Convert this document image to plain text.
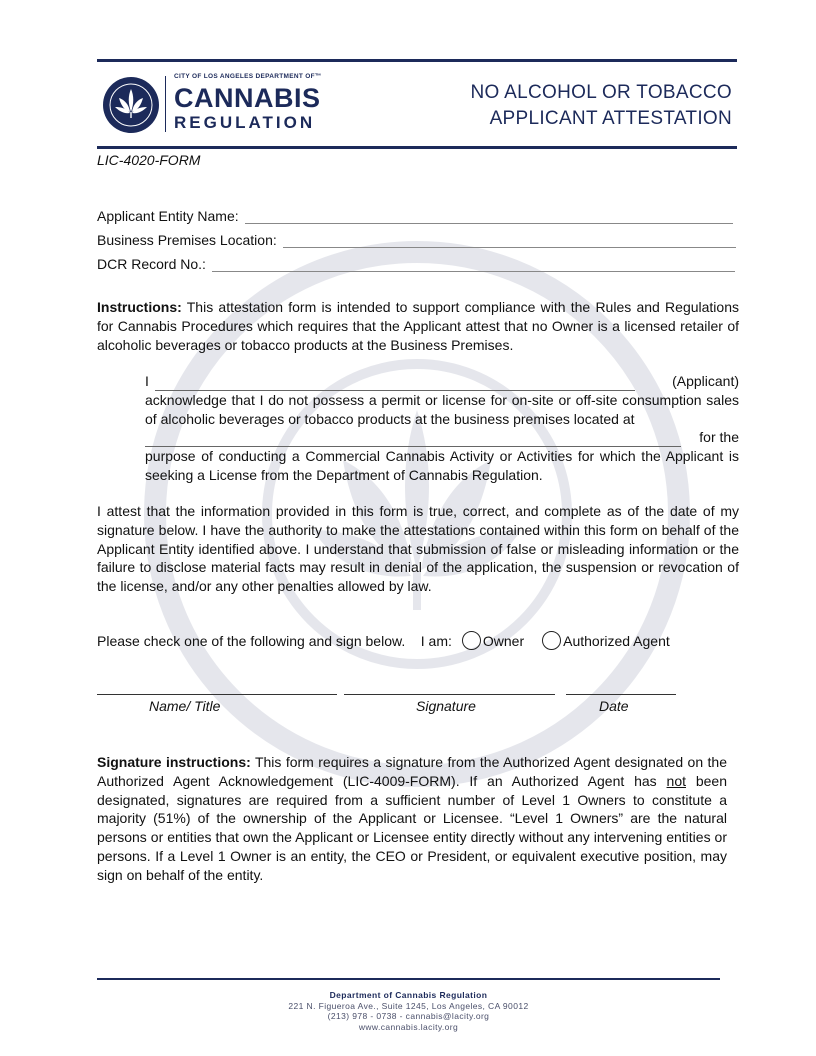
CITY OF LOS ANGELES DEPARTMENT OF™
CANNABIS
REGULATION
NO ALCOHOL OR TOBACCO
APPLICANT ATTESTATION
LIC-4020-FORM
Applicant Entity Name:
Business Premises Location:
DCR Record No.:
Instructions: This attestation form is intended to support compliance with the Rules and Regulations for Cannabis Procedures which requires that the Applicant attest that no Owner is a licensed retailer of alcoholic beverages or tobacco products at the Business Premises.
I	(Applicant)
acknowledge that I do not possess a permit or license for on-site or off-site consumption sales of alcoholic beverages or tobacco products at the business premises located at
for the
purpose of conducting a Commercial Cannabis Activity or Activities for which the Applicant is seeking a License from the Department of Cannabis Regulation.
I attest that the information provided in this form is true, correct, and complete as of the date of my signature below. I have the authority to make the attestations contained within this form on behalf of the Applicant Entity identified above. I understand that submission of false or misleading information or the failure to disclose material facts may result in denial of the application, the suspension or revocation of the license, and/or any other penalties allowed by law.
Please check one of the following and sign below.    I am: Owner	Authorized Agent
Name/ Title	Signature	Date
Signature instructions: This form requires a signature from the Authorized Agent designated on the Authorized Agent Acknowledgement (LIC-4009-FORM). If an Authorized Agent has not been designated, signatures are required from a sufficient number of Level 1 Owners to constitute a majority (51%) of the ownership of the Applicant or Licensee. “Level 1 Owners” are the natural persons or entities that own the Applicant or Licensee entity directly without any intervening entities or persons. If a Level 1 Owner is an entity, the CEO or President, or equivalent executive position, may sign on behalf of the entity.
Department of Cannabis Regulation
221 N. Figueroa Ave., Suite 1245, Los Angeles, CA 90012
(213) 978 - 0738 - cannabis@lacity.org
www.cannabis.lacity.org
